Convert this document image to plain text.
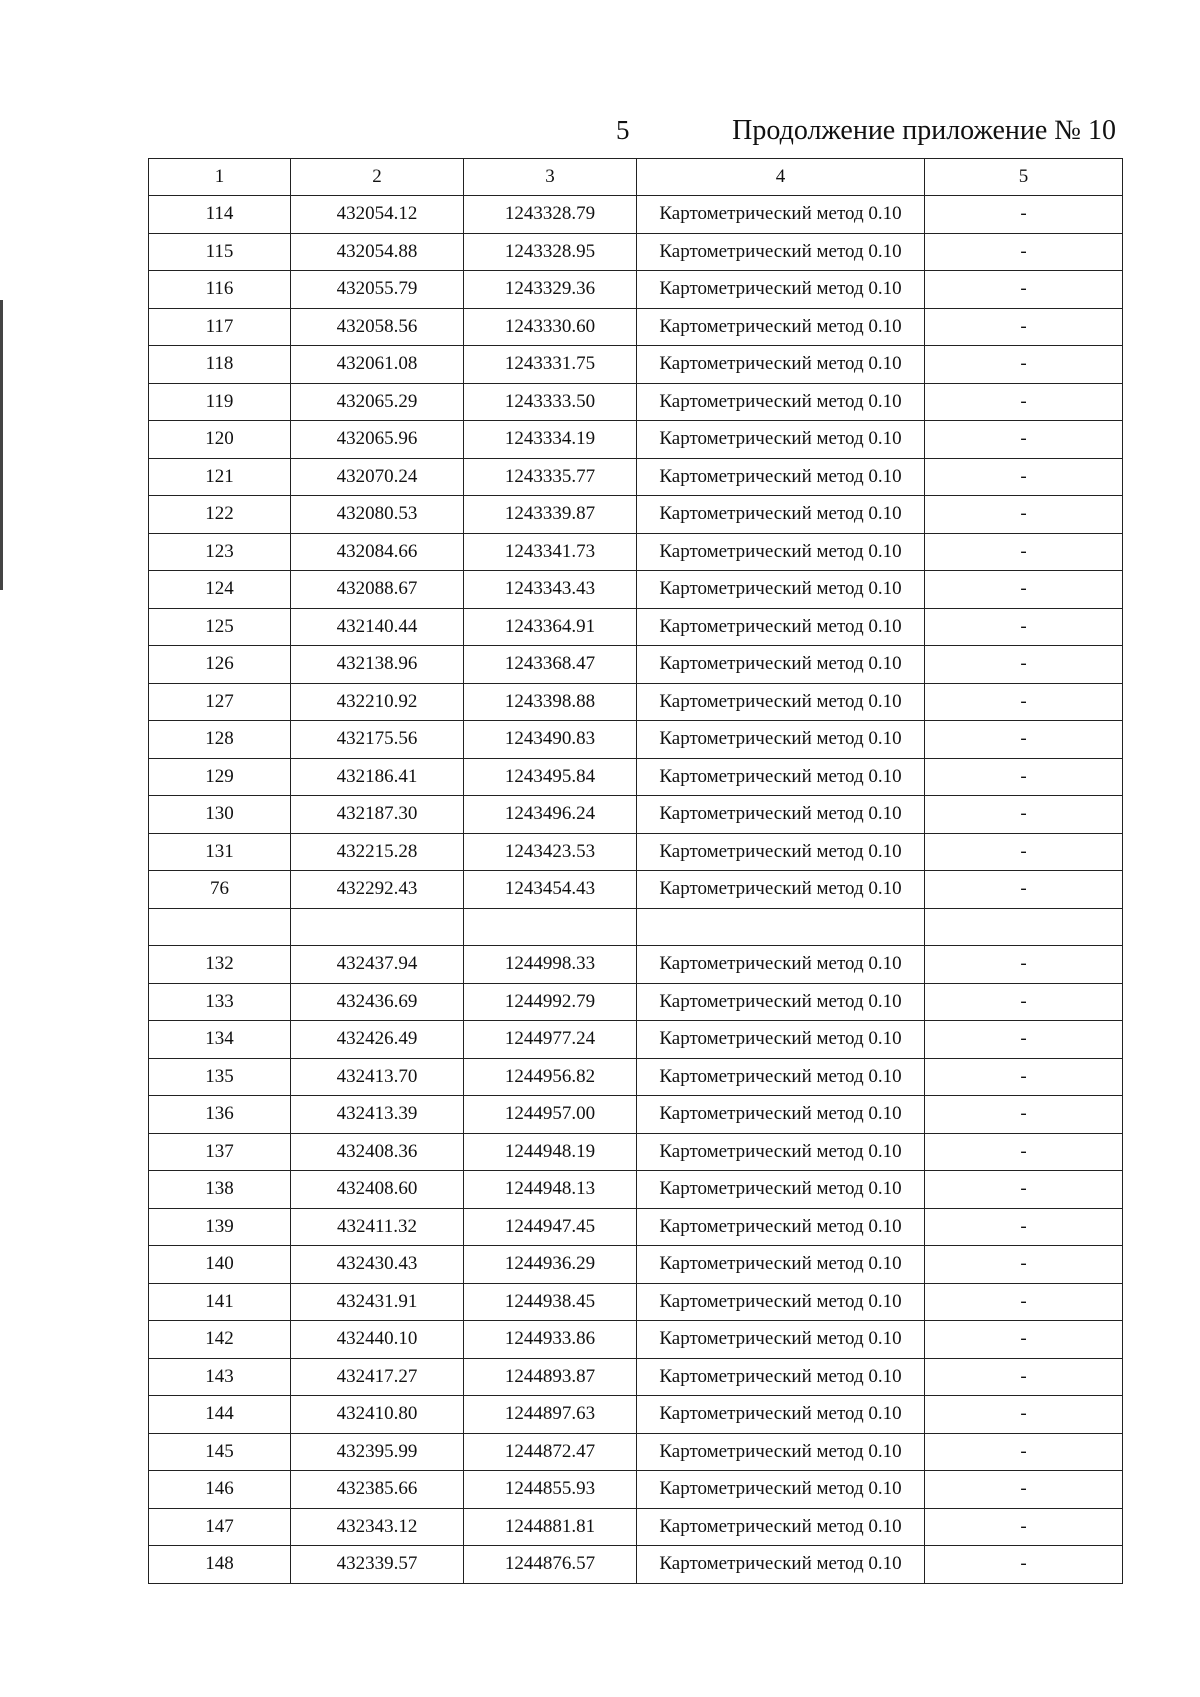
5	Продолжение приложение № 10
1	2	3	4	5
114	432054.12	1243328.79	Картометрический метод 0.10	-
115	432054.88	1243328.95	Картометрический метод 0.10	-
116	432055.79	1243329.36	Картометрический метод 0.10	-
117	432058.56	1243330.60	Картометрический метод 0.10	-
118	432061.08	1243331.75	Картометрический метод 0.10	-
119	432065.29	1243333.50	Картометрический метод 0.10	-
120	432065.96	1243334.19	Картометрический метод 0.10	-
121	432070.24	1243335.77	Картометрический метод 0.10	-
122	432080.53	1243339.87	Картометрический метод 0.10	-
123	432084.66	1243341.73	Картометрический метод 0.10	-
124	432088.67	1243343.43	Картометрический метод 0.10	-
125	432140.44	1243364.91	Картометрический метод 0.10	-
126	432138.96	1243368.47	Картометрический метод 0.10	-
127	432210.92	1243398.88	Картометрический метод 0.10	-
128	432175.56	1243490.83	Картометрический метод 0.10	-
129	432186.41	1243495.84	Картометрический метод 0.10	-
130	432187.30	1243496.24	Картометрический метод 0.10	-
131	432215.28	1243423.53	Картометрический метод 0.10	-
76	432292.43	1243454.43	Картометрический метод 0.10	-

132	432437.94	1244998.33	Картометрический метод 0.10	-
133	432436.69	1244992.79	Картометрический метод 0.10	-
134	432426.49	1244977.24	Картометрический метод 0.10	-
135	432413.70	1244956.82	Картометрический метод 0.10	-
136	432413.39	1244957.00	Картометрический метод 0.10	-
137	432408.36	1244948.19	Картометрический метод 0.10	-
138	432408.60	1244948.13	Картометрический метод 0.10	-
139	432411.32	1244947.45	Картометрический метод 0.10	-
140	432430.43	1244936.29	Картометрический метод 0.10	-
141	432431.91	1244938.45	Картометрический метод 0.10	-
142	432440.10	1244933.86	Картометрический метод 0.10	-
143	432417.27	1244893.87	Картометрический метод 0.10	-
144	432410.80	1244897.63	Картометрический метод 0.10	-
145	432395.99	1244872.47	Картометрический метод 0.10	-
146	432385.66	1244855.93	Картометрический метод 0.10	-
147	432343.12	1244881.81	Картометрический метод 0.10	-
148	432339.57	1244876.57	Картометрический метод 0.10	-
